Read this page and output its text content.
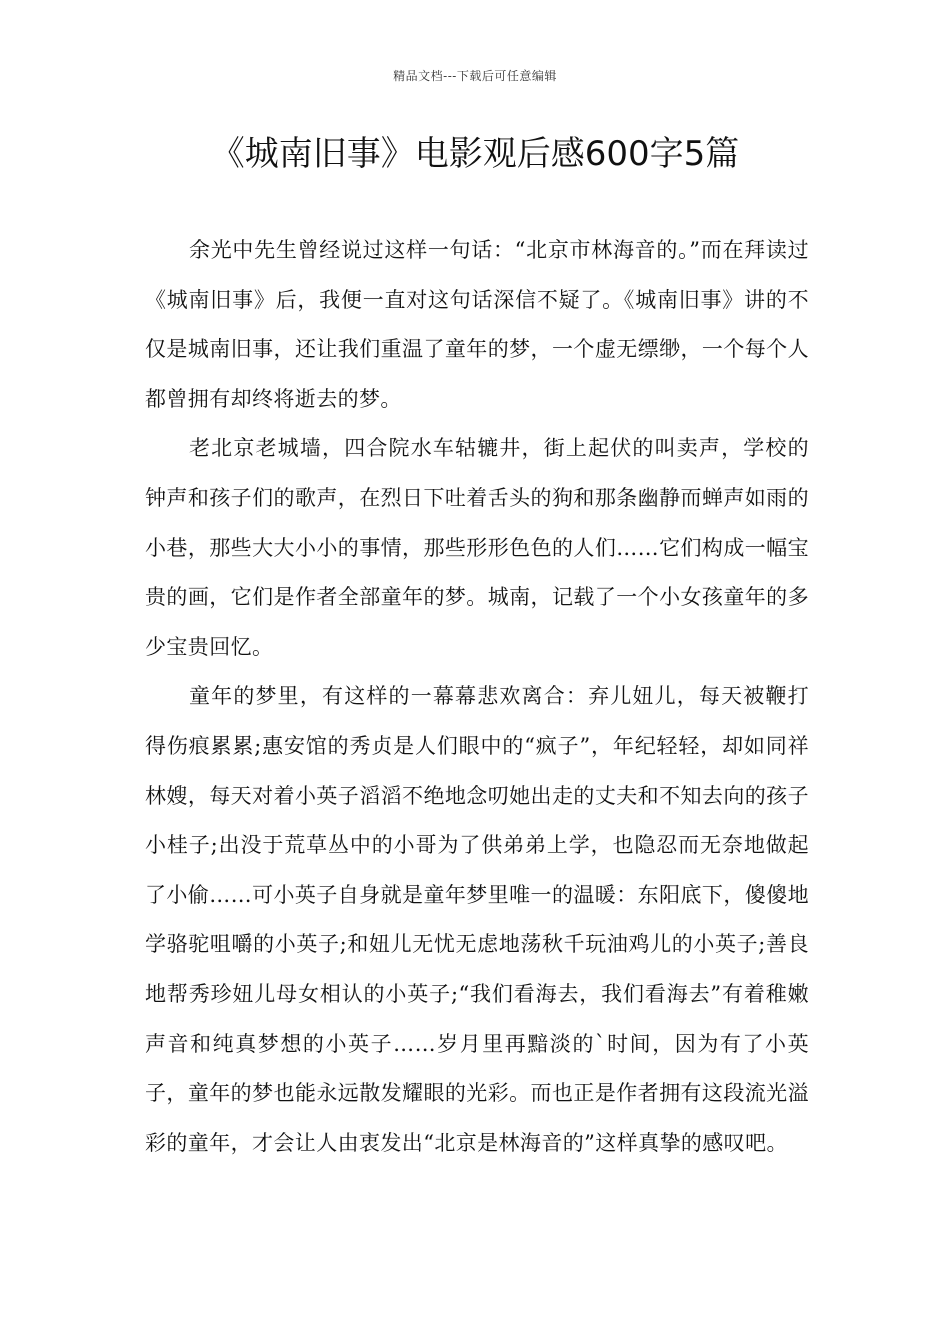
精品文档---下载后可任意编辑
《城南旧事》电影观后感600字5篇

余光中先生曾经说过这样一句话：“北京市林海音的。”而在拜读过《城南旧事》后，我便一直对这句话深信不疑了。《城南旧事》讲的不仅是城南旧事，还让我们重温了童年的梦，一个虚无缥缈，一个每个人都曾拥有却终将逝去的梦。

老北京老城墙，四合院水车轱辘井，街上起伏的叫卖声，学校的钟声和孩子们的歌声，在烈日下吐着舌头的狗和那条幽静而蝉声如雨的小巷，那些大大小小的事情，那些形形色色的人们……它们构成一幅宝贵的画，它们是作者全部童年的梦。城南，记载了一个小女孩童年的多少宝贵回忆。

童年的梦里，有这样的一幕幕悲欢离合：弃儿妞儿，每天被鞭打得伤痕累累;惠安馆的秀贞是人们眼中的“疯子”，年纪轻轻，却如同祥林嫂，每天对着小英子滔滔不绝地念叨她出走的丈夫和不知去向的孩子小桂子;出没于荒草丛中的小哥为了供弟弟上学，也隐忍而无奈地做起了小偷……可小英子自身就是童年梦里唯一的温暖：东阳底下，傻傻地学骆驼咀嚼的小英子;和妞儿无忧无虑地荡秋千玩油鸡儿的小英子;善良地帮秀珍妞儿母女相认的小英子;“我们看海去，我们看海去”有着稚嫩声音和纯真梦想的小英子……岁月里再黯淡的`时间，因为有了小英子，童年的梦也能永远散发耀眼的光彩。而也正是作者拥有这段流光溢彩的童年，才会让人由衷发出“北京是林海音的”这样真挚的感叹吧。
